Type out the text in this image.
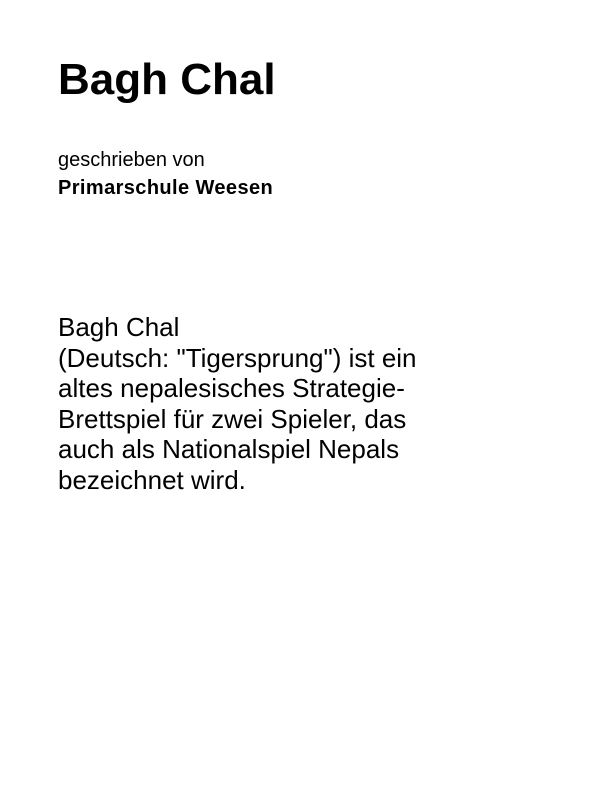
Bagh Chal
geschrieben von
Primarschule Weesen

Bagh Chal
(Deutsch: "Tigersprung") ist ein
altes nepalesisches Strategie-
Brettspiel für zwei Spieler, das
auch als Nationalspiel Nepals
bezeichnet wird.
